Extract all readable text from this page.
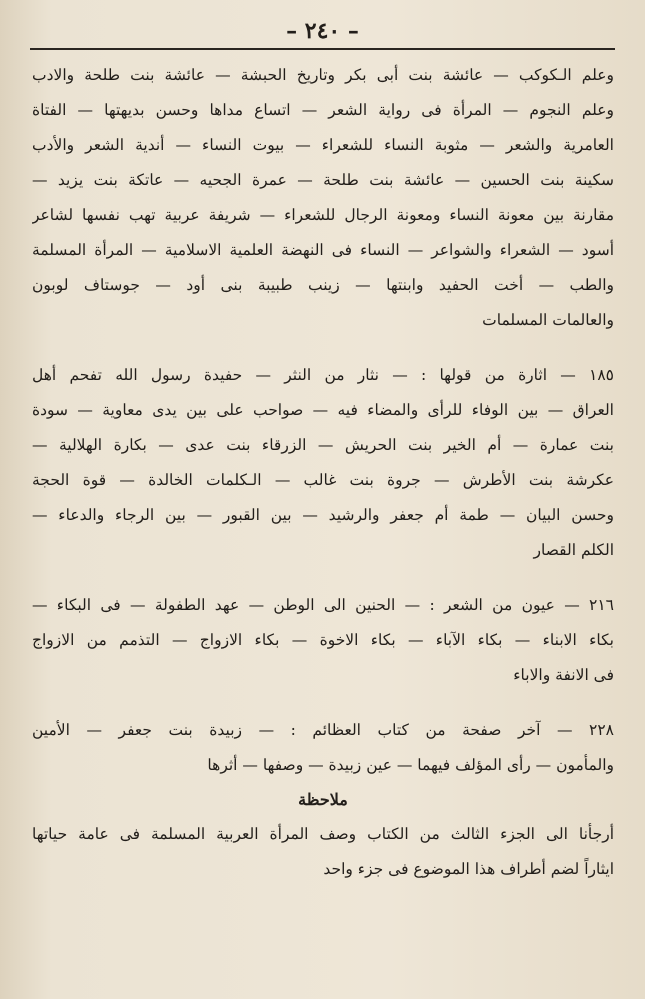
– ٢٤٠ –
وعلم الـكوكب — عائشة بنت أبى بكر وتاريخ الحبشة — عائشة بنت طلحة والادب
وعلم النجوم — المرأة فى رواية الشعر — اتساع مداها وحسن بديهتها — الفتاة
العامرية والشعر — مثوبة النساء للشعراء — بيوت النساء — أندية الشعر والأدب
سكينة بنت الحسين — عائشة بنت طلحة — عمرة الجحيه — عاتكة بنت يزيد —
مقارنة بين معونة النساء ومعونة الرجال للشعراء — شريفة عربية تهب نفسها لشاعر
أسود — الشعراء والشواعر — النساء فى النهضة العلمية الاسلامية — المرأة المسلمة
والطب — أخت الحفيد وابنتها — زينب طبيبة بنى أود — جوستاف لوبون
والعالمات المسلمات
١٨٥ — اثارة من قولها : — نثار من النثر — حفيدة رسول الله تفحم أهل
العراق — بين الوفاء للرأى والمضاء فيه — صواحب على بين يدى معاوية — سودة
بنت عمارة — أم الخير بنت الحريش — الزرقاء بنت عدى — بكارة الهلالية —
عكرشة بنت الأطرش — جروة بنت غالب — الـكلمات الخالدة — قوة الحجة
وحسن البيان — طمة أم جعفر والرشيد — بين القبور — بين الرجاء والدعاء —
الكلم القصار
٢١٦ — عيون من الشعر : — الحنين الى الوطن — عهد الطفولة — فى البكاء —
بكاء الابناء — بكاء الآباء — بكاء الاخوة — بكاء الازواج — التذمم من الازواج
فى الانفة والاباء
٢٢٨ — آخر صفحة من كتاب العظائم : — زبيدة بنت جعفر — الأمين
والمأمون — رأى المؤلف فيهما — عين زبيدة — وصفها — أثرها
ملاحظة
أرجأنا الى الجزء الثالث من الكتاب وصف المرأة العربية المسلمة فى عامة حياتها
ايثاراً لضم أطراف هذا الموضوع فى جزء واحد
